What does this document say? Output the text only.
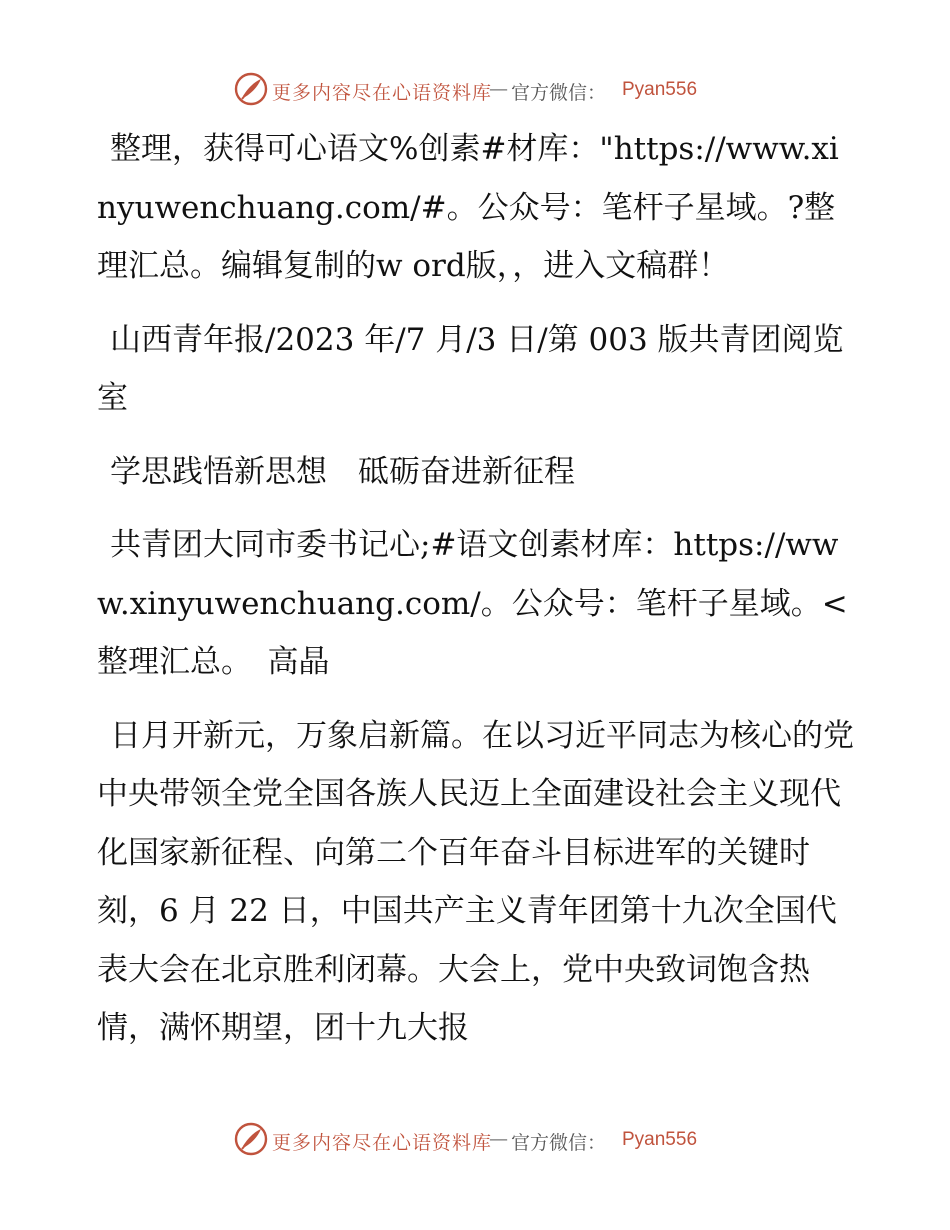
更多内容尽在心语资料库
— 官方微信： Pyan556

整理，获得可心语文%创素#材库："https://www.xinyuwenchuang.com/#。公众号：笔杆子星域。?整理汇总。编辑复制的w ord版，，进入文稿群！

山西青年报/2023 年/7 月/3 日/第 003 版共青团阅览室

学思践悟新思想　砥砺奋进新征程

共青团大同市委书记心;#语文创素材库：https://www.xinyuwenchuang.com/。公众号：笔杆子星域。<整理汇总。　高晶

日月开新元，万象启新篇。在以习近平同志为核心的党中央带领全党全国各族人民迈上全面建设社会主义现代化国家新征程、向第二个百年奋斗目标进军的关键时刻，6 月 22 日，中国共产主义青年团第十九次全国代表大会在北京胜利闭幕。大会上，党中央致词饱含热情，满怀期望，团十九大报

更多内容尽在心语资料库
— 官方微信： Pyan556
